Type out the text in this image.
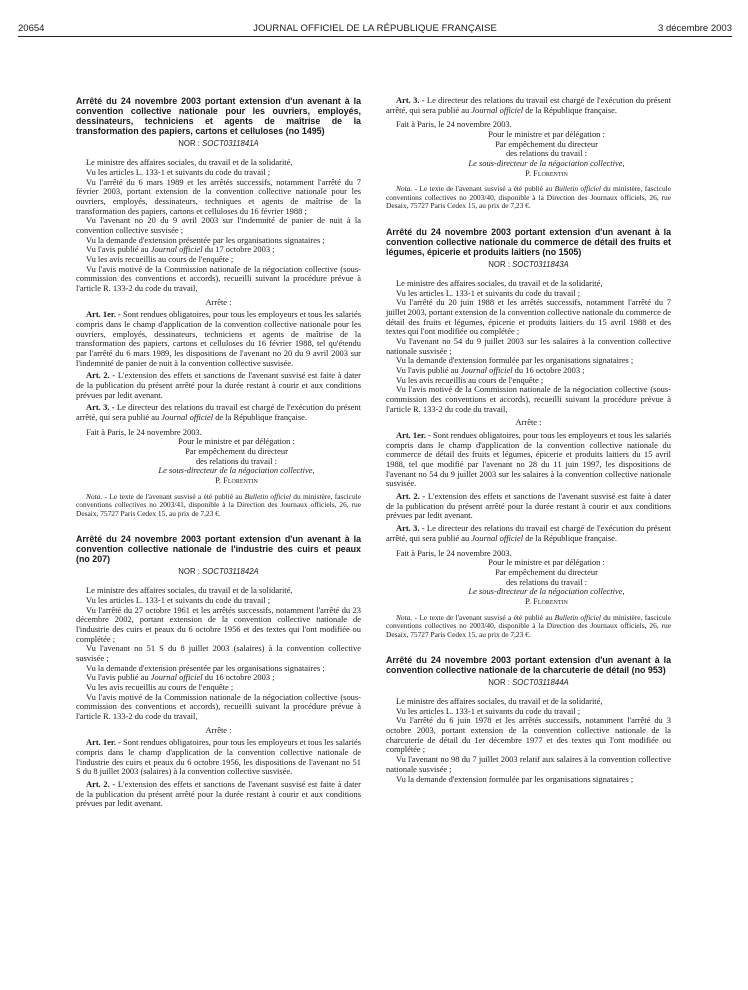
20654	JOURNAL OFFICIEL DE LA RÉPUBLIQUE FRANÇAISE	3 décembre 2003
Arrêté du 24 novembre 2003 portant extension d'un avenant à la convention collective nationale pour les ouvriers, employés, dessinateurs, techniciens et agents de maîtrise de la transformation des papiers, cartons et celluloses (no 1495)
NOR : SOCT0311841A

Le ministre des affaires sociales, du travail et de la solidarité,

Vu les articles L. 133-1 et suivants du code du travail ;

Vu l'arrêté du 6 mars 1989 et les arrêtés successifs, notamment l'arrêté du 7 février 2003, portant extension de la convention collective nationale pour les ouvriers, employés, dessinateurs, techniques et agents de maîtrise de la transformation des papiers, cartons et celluloses du 16 février 1988 ;

Vu l'avenant no 20 du 9 avril 2003 sur l'indemnité de panier de nuit à la convention collective susvisée ;

Vu la demande d'extension présentée par les organisations signataires ;

Vu l'avis publié au Journal officiel du 17 octobre 2003 ;

Vu les avis recueillis au cours de l'enquête ;

Vu l'avis motivé de la Commission nationale de la négociation collective (sous-commission des conventions et accords), recueilli suivant la procédure prévue à l'article R. 133-2 du code du travail,

Arrête :

Art. 1er. - Sont rendues obligatoires, pour tous les employeurs et tous les salariés compris dans le champ d'application de la convention collective nationale pour les ouvriers, employés, dessinateurs, techniciens et agents de maîtrise de la transformation des papiers, cartons et celluloses du 16 février 1988, tel qu'étendu par l'arrêté du 6 mars 1989, les dispositions de l'avenant no 20 du 9 avril 2003 sur l'indemnité de panier de nuit à la convention collective susvisée.

Art. 2. - L'extension des effets et sanctions de l'avenant susvisé est faite à dater de la publication du présent arrêté pour la durée restant à courir et aux conditions prévues par ledit avenant.

Art. 3. - Le directeur des relations du travail est chargé de l'exécution du présent arrêté, qui sera publié au Journal officiel de la République française.

Fait à Paris, le 24 novembre 2003.

Pour le ministre et par délégation :

Par empêchement du directeur

des relations du travail :

Le sous-directeur de la négociation collective,

P. Florentin

Nota. - Le texte de l'avenant susvisé a été publié au Bulletin officiel du ministère, fascicule conventions collectives no 2003/41, disponible à la Direction des Journaux officiels, 26, rue Desaix, 75727 Paris Cedex 15, au prix de 7,23 €.

Arrêté du 24 novembre 2003 portant extension d'un avenant à la convention collective nationale de l'industrie des cuirs et peaux (no 207)
NOR : SOCT0311842A

Le ministre des affaires sociales, du travail et de la solidarité,

Vu les articles L. 133-1 et suivants du code du travail ;

Vu l'arrêté du 27 octobre 1961 et les arrêtés successifs, notamment l'arrêté du 23 décembre 2002, portant extension de la convention collective nationale de l'industrie des cuirs et peaux du 6 octobre 1956 et des textes qui l'ont modifiée ou complétée ;

Vu l'avenant no 51 S du 8 juillet 2003 (salaires) à la convention collective susvisée ;

Vu la demande d'extension présentée par les organisations signataires ;

Vu l'avis publié au Journal officiel du 16 octobre 2003 ;

Vu les avis recueillis au cours de l'enquête ;

Vu l'avis motivé de la Commission nationale de la négociation collective (sous-commission des conventions et accords), recueilli suivant la procédure prévue à l'article R. 133-2 du code du travail,

Arrête :

Art. 1er. - Sont rendues obligatoires, pour tous les employeurs et tous les salariés compris dans le champ d'application de la convention collective nationale de l'industrie des cuirs et peaux du 6 octobre 1956, les dispositions de l'avenant no 51 S du 8 juillet 2003 (salaires) à la convention collective susvisée.

Art. 2. - L'extension des effets et sanctions de l'avenant susvisé est faite à dater de la publication du présent arrêté pour la durée restant à courir et aux conditions prévues par ledit avenant.

Art. 3. - Le directeur des relations du travail est chargé de l'exécution du présent arrêté, qui sera publié au Journal officiel de la République française.

Fait à Paris, le 24 novembre 2003.

Pour le ministre et par délégation :

Par empêchement du directeur

des relations du travail :

Le sous-directeur de la négociation collective,

P. Florentin

Nota. - Le texte de l'avenant susvisé a été publié au Bulletin officiel du ministère, fascicule conventions collectives no 2003/40, disponible à la Direction des Journaux officiels, 26, rue Desaix, 75727 Paris Cedex 15, au prix de 7,23 €.

Arrêté du 24 novembre 2003 portant extension d'un avenant à la convention collective nationale du commerce de détail des fruits et légumes, épicerie et produits laitiers (no 1505)
NOR : SOCT0311843A

Le ministre des affaires sociales, du travail et de la solidarité,

Vu les articles L. 133-1 et suivants du code du travail ;

Vu l'arrêté du 20 juin 1988 et les arrêtés successifs, notamment l'arrêté du 7 juillet 2003, portant extension de la convention collective nationale du commerce de détail des fruits et légumes, épicerie et produits laitiers du 15 avril 1988 et des textes qui l'ont modifiée ou complétée ;

Vu l'avenant no 54 du 9 juillet 2003 sur les salaires à la convention collective nationale susvisée ;

Vu la demande d'extension formulée par les organisations signataires ;

Vu l'avis publié au Journal officiel du 16 octobre 2003 ;

Vu les avis recueillis au cours de l'enquête ;

Vu l'avis motivé de la Commission nationale de la négociation collective (sous-commission des conventions et accords), recueilli suivant la procédure prévue à l'article R. 133-2 du code du travail,

Arrête :

Art. 1er. - Sont rendues obligatoires, pour tous les employeurs et tous les salariés compris dans le champ d'application de la convention collective nationale du commerce de détail des fruits et légumes, épicerie et produits laitiers du 15 avril 1988, tel que modifié par l'avenant no 28 du 11 juin 1997, les dispositions de l'avenant no 54 du 9 juillet 2003 sur les salaires à la convention collective nationale susvisée.

Art. 2. - L'extension des effets et sanctions de l'avenant susvisé est faite à dater de la publication du présent arrêté pour la durée restant à courir et aux conditions prévues par ledit avenant.

Art. 3. - Le directeur des relations du travail est chargé de l'exécution du présent arrêté, qui sera publié au Journal officiel de la République française.

Fait à Paris, le 24 novembre 2003.

Pour le ministre et par délégation :

Par empêchement du directeur

des relations du travail :

Le sous-directeur de la négociation collective,

P. Florentin

Nota. - Le texte de l'avenant susvisé a été publié au Bulletin officiel du ministère, fascicule conventions collectives no 2003/40, disponible à la Direction des Journaux officiels, 26, rue Desaix, 75727 Paris Cedex 15, au prix de 7,23 €.

Arrêté du 24 novembre 2003 portant extension d'un avenant à la convention collective nationale de la charcuterie de détail (no 953)
NOR : SOCT0311844A

Le ministre des affaires sociales, du travail et de la solidarité,

Vu les articles L. 133-1 et suivants du code du travail ;

Vu l'arrêté du 6 juin 1978 et les arrêtés successifs, notamment l'arrêté du 3 octobre 2003, portant extension de la convention collective nationale de la charcuterie de détail du 1er décembre 1977 et des textes qui l'ont modifiée ou complétée ;

Vu l'avenant no 98 du 7 juillet 2003 relatif aux salaires à la convention collective nationale susvisée ;

Vu la demande d'extension formulée par les organisations signataires ;
